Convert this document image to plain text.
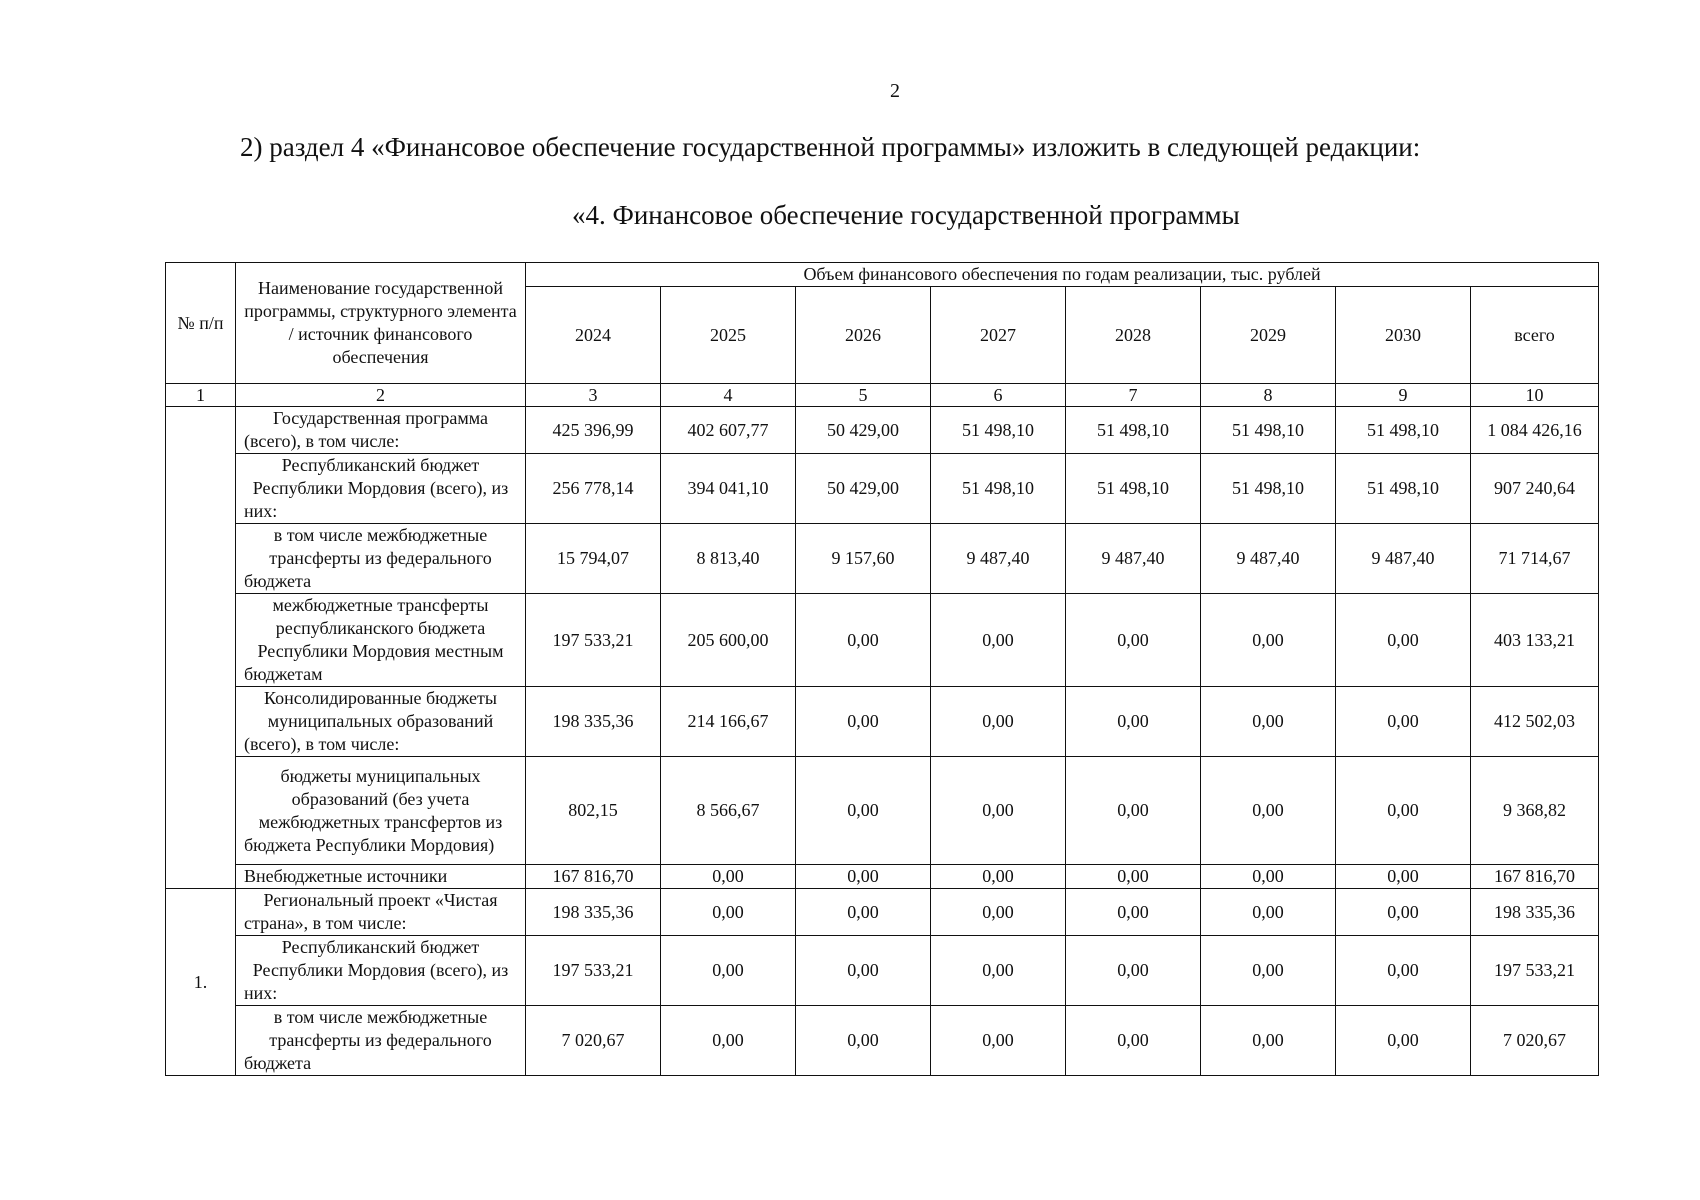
2
2) раздел 4 «Финансовое обеспечение государственной программы» изложить в следующей редакции:
«4. Финансовое обеспечение государственной программы
№ п/п	Наименование государственной программы, структурного элемента / источник финансового обеспечения	Объем финансового обеспечения по годам реализации, тыс. рублей							
		2024	2025	2026	2027	2028	2029	2030	всего
1	2	3	4	5	6	7	8	9	10
	Государственная программа (всего), в том числе:	425 396,99	402 607,77	50 429,00	51 498,10	51 498,10	51 498,10	51 498,10	1 084 426,16
	Республиканский бюджет Республики Мордовия (всего), из них:	256 778,14	394 041,10	50 429,00	51 498,10	51 498,10	51 498,10	51 498,10	907 240,64
	в том числе межбюджетные трансферты из федерального бюджета	15 794,07	8 813,40	9 157,60	9 487,40	9 487,40	9 487,40	9 487,40	71 714,67
	межбюджетные трансферты республиканского бюджета Республики Мордовия местным бюджетам	197 533,21	205 600,00	0,00	0,00	0,00	0,00	0,00	403 133,21
	Консолидированные бюджеты муниципальных образований (всего), в том числе:	198 335,36	214 166,67	0,00	0,00	0,00	0,00	0,00	412 502,03
	бюджеты муниципальных образований (без учета межбюджетных трансфертов из бюджета Республики Мордовия)	802,15	8 566,67	0,00	0,00	0,00	0,00	0,00	9 368,82
	Внебюджетные источники	167 816,70	0,00	0,00	0,00	0,00	0,00	0,00	167 816,70
1.	Региональный проект «Чистая страна», в том числе:	198 335,36	0,00	0,00	0,00	0,00	0,00	0,00	198 335,36
	Республиканский бюджет Республики Мордовия (всего), из них:	197 533,21	0,00	0,00	0,00	0,00	0,00	0,00	197 533,21
	в том числе межбюджетные трансферты из федерального бюджета	7 020,67	0,00	0,00	0,00	0,00	0,00	0,00	7 020,67
